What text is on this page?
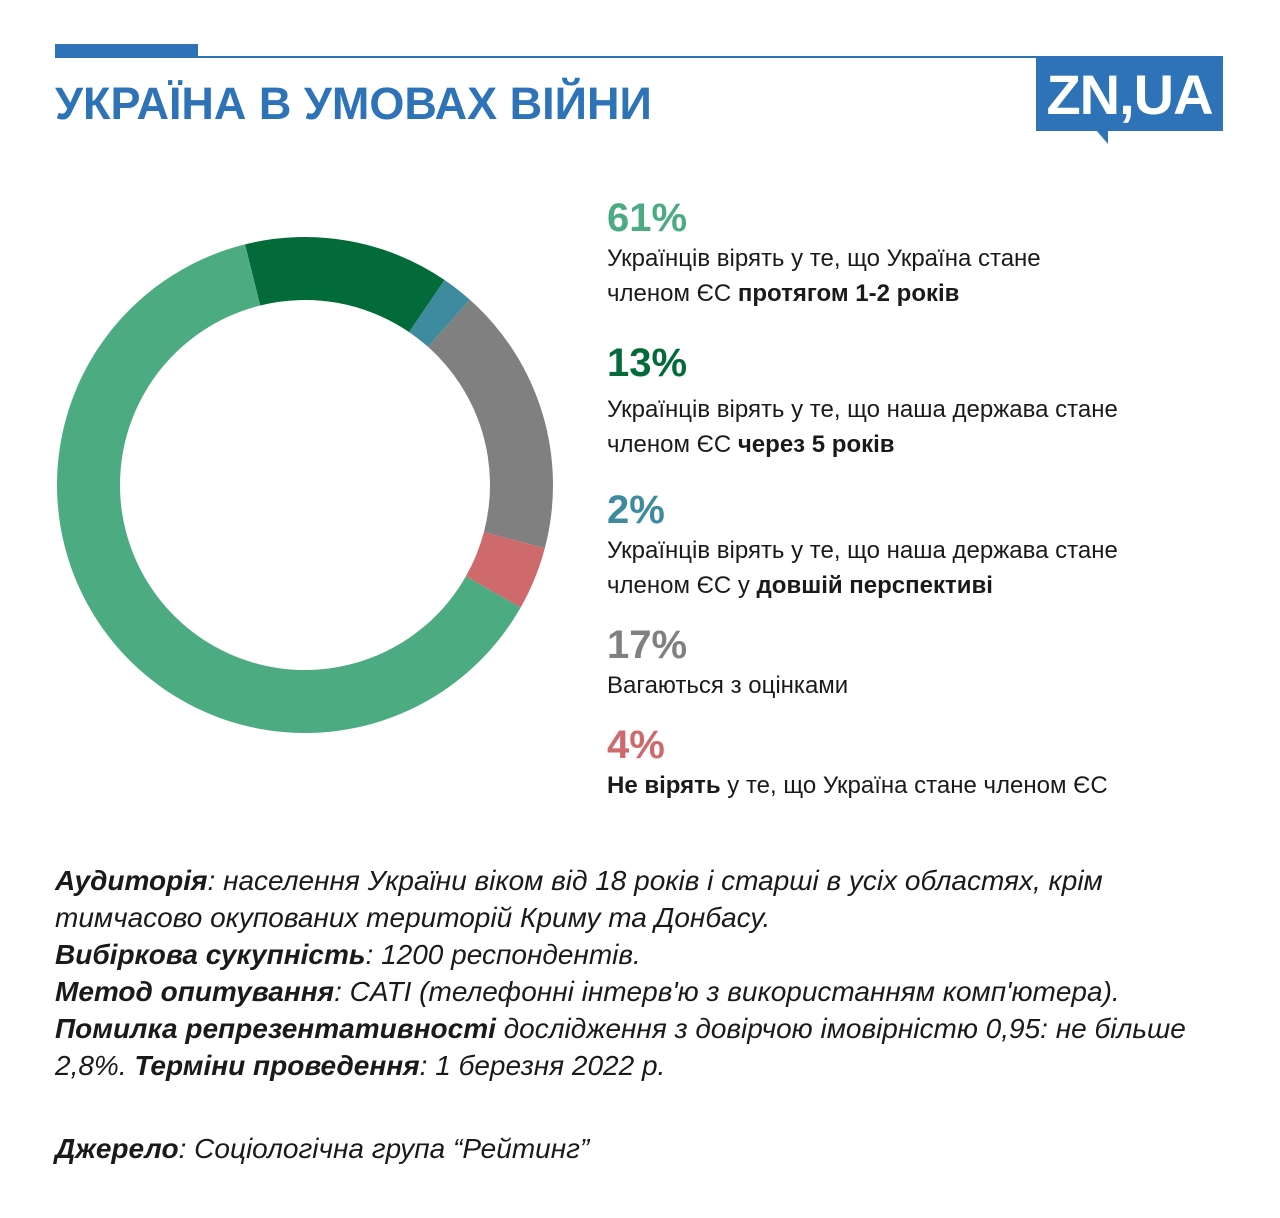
УКРАЇНА В УМОВАХ ВІЙНИ	ZN,UA
61%
Українців вірять у те, що Україна стане членом ЄС протягом 1-2 років
13%
Українців вірять у те, що наша держава стане членом ЄС через 5 років
2%
Українців вірять у те, що наша держава стане членом ЄС у довшій перспективі
17%
Вагаються з оцінками
4%
Не вірять у те, що Україна стане членом ЄС

Аудиторія: населення України віком від 18 років і старші в усіх областях, крім тимчасово окупованих територій Криму та Донбасу.

Вибіркова сукупність: 1200 респондентів.

Метод опитування: CATI (телефонні інтерв'ю з використанням комп'ютера).

Помилка репрезентативності дослідження з довірчою імовірністю 0,95: не більше 2,8%. Терміни проведення: 1 березня 2022 р.

Джерело: Соціологічна група “Рейтинг”
